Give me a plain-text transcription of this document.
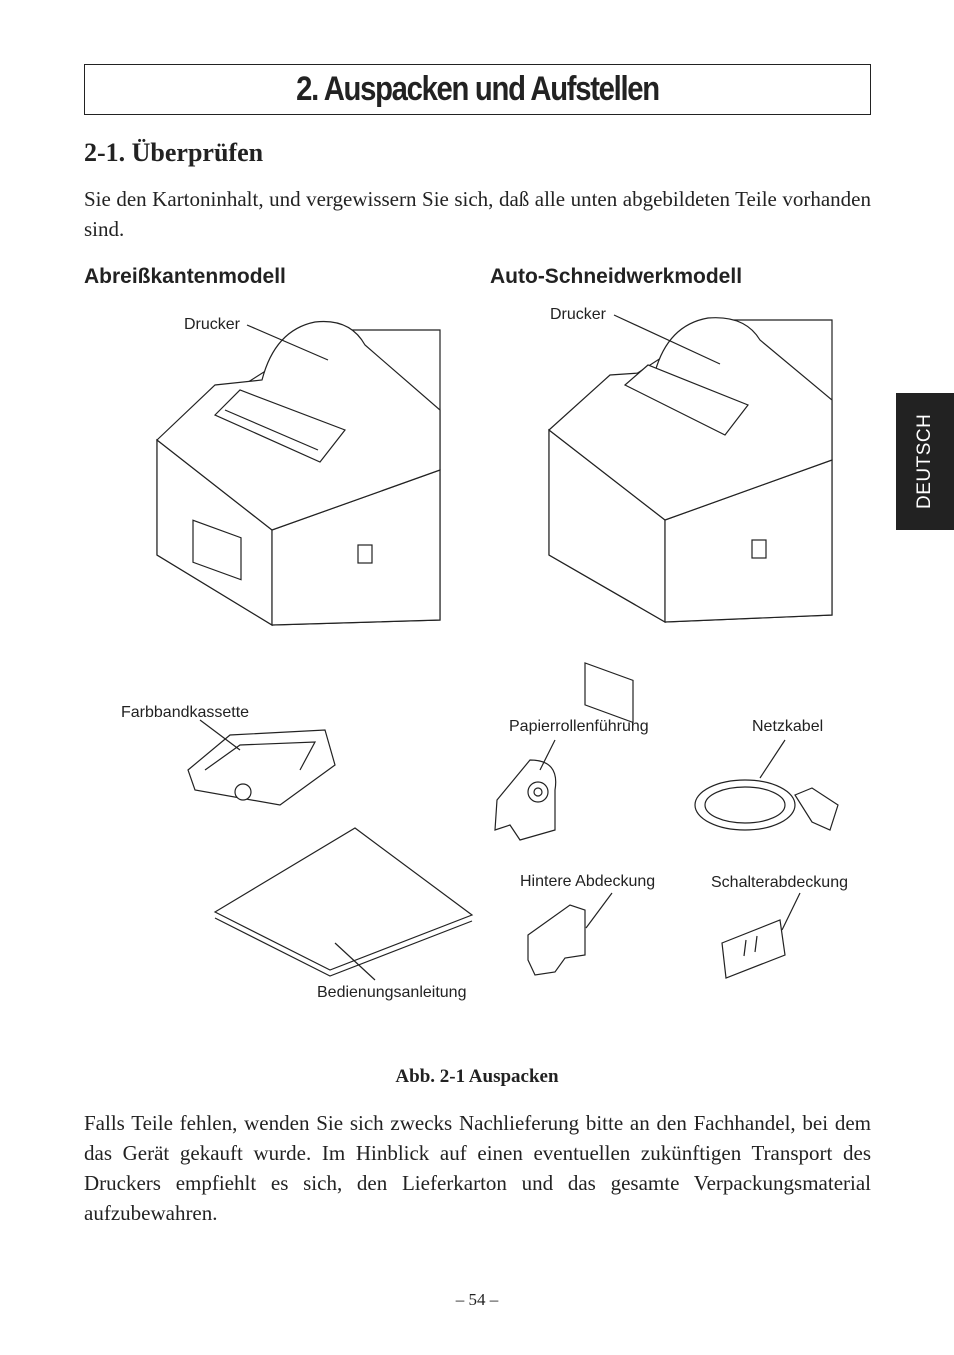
2. Auspacken und Aufstellen
2-1. Überprüfen
Sie den Kartoninhalt, und vergewissern Sie sich, daß alle unten abgebildeten Teile vorhanden sind.
Abreißkantenmodell	Auto-Schneidwerkmodell
Drucker
Drucker
Farbbandkassette
Papierrollenführung	Netzkabel
Hintere Abdeckung	Schalterabdeckung
Bedienungsanleitung
Abb. 2-1 Auspacken
Falls Teile fehlen, wenden Sie sich zwecks Nachlieferung bitte an den Fachhandel, bei dem das Gerät gekauft wurde. Im Hinblick auf einen eventuellen zukünftigen Transport des Druckers empfiehlt es sich, den Lieferkarton und das gesamte Verpackungsmaterial aufzubewahren.
DEUTSCH
– 54 –
